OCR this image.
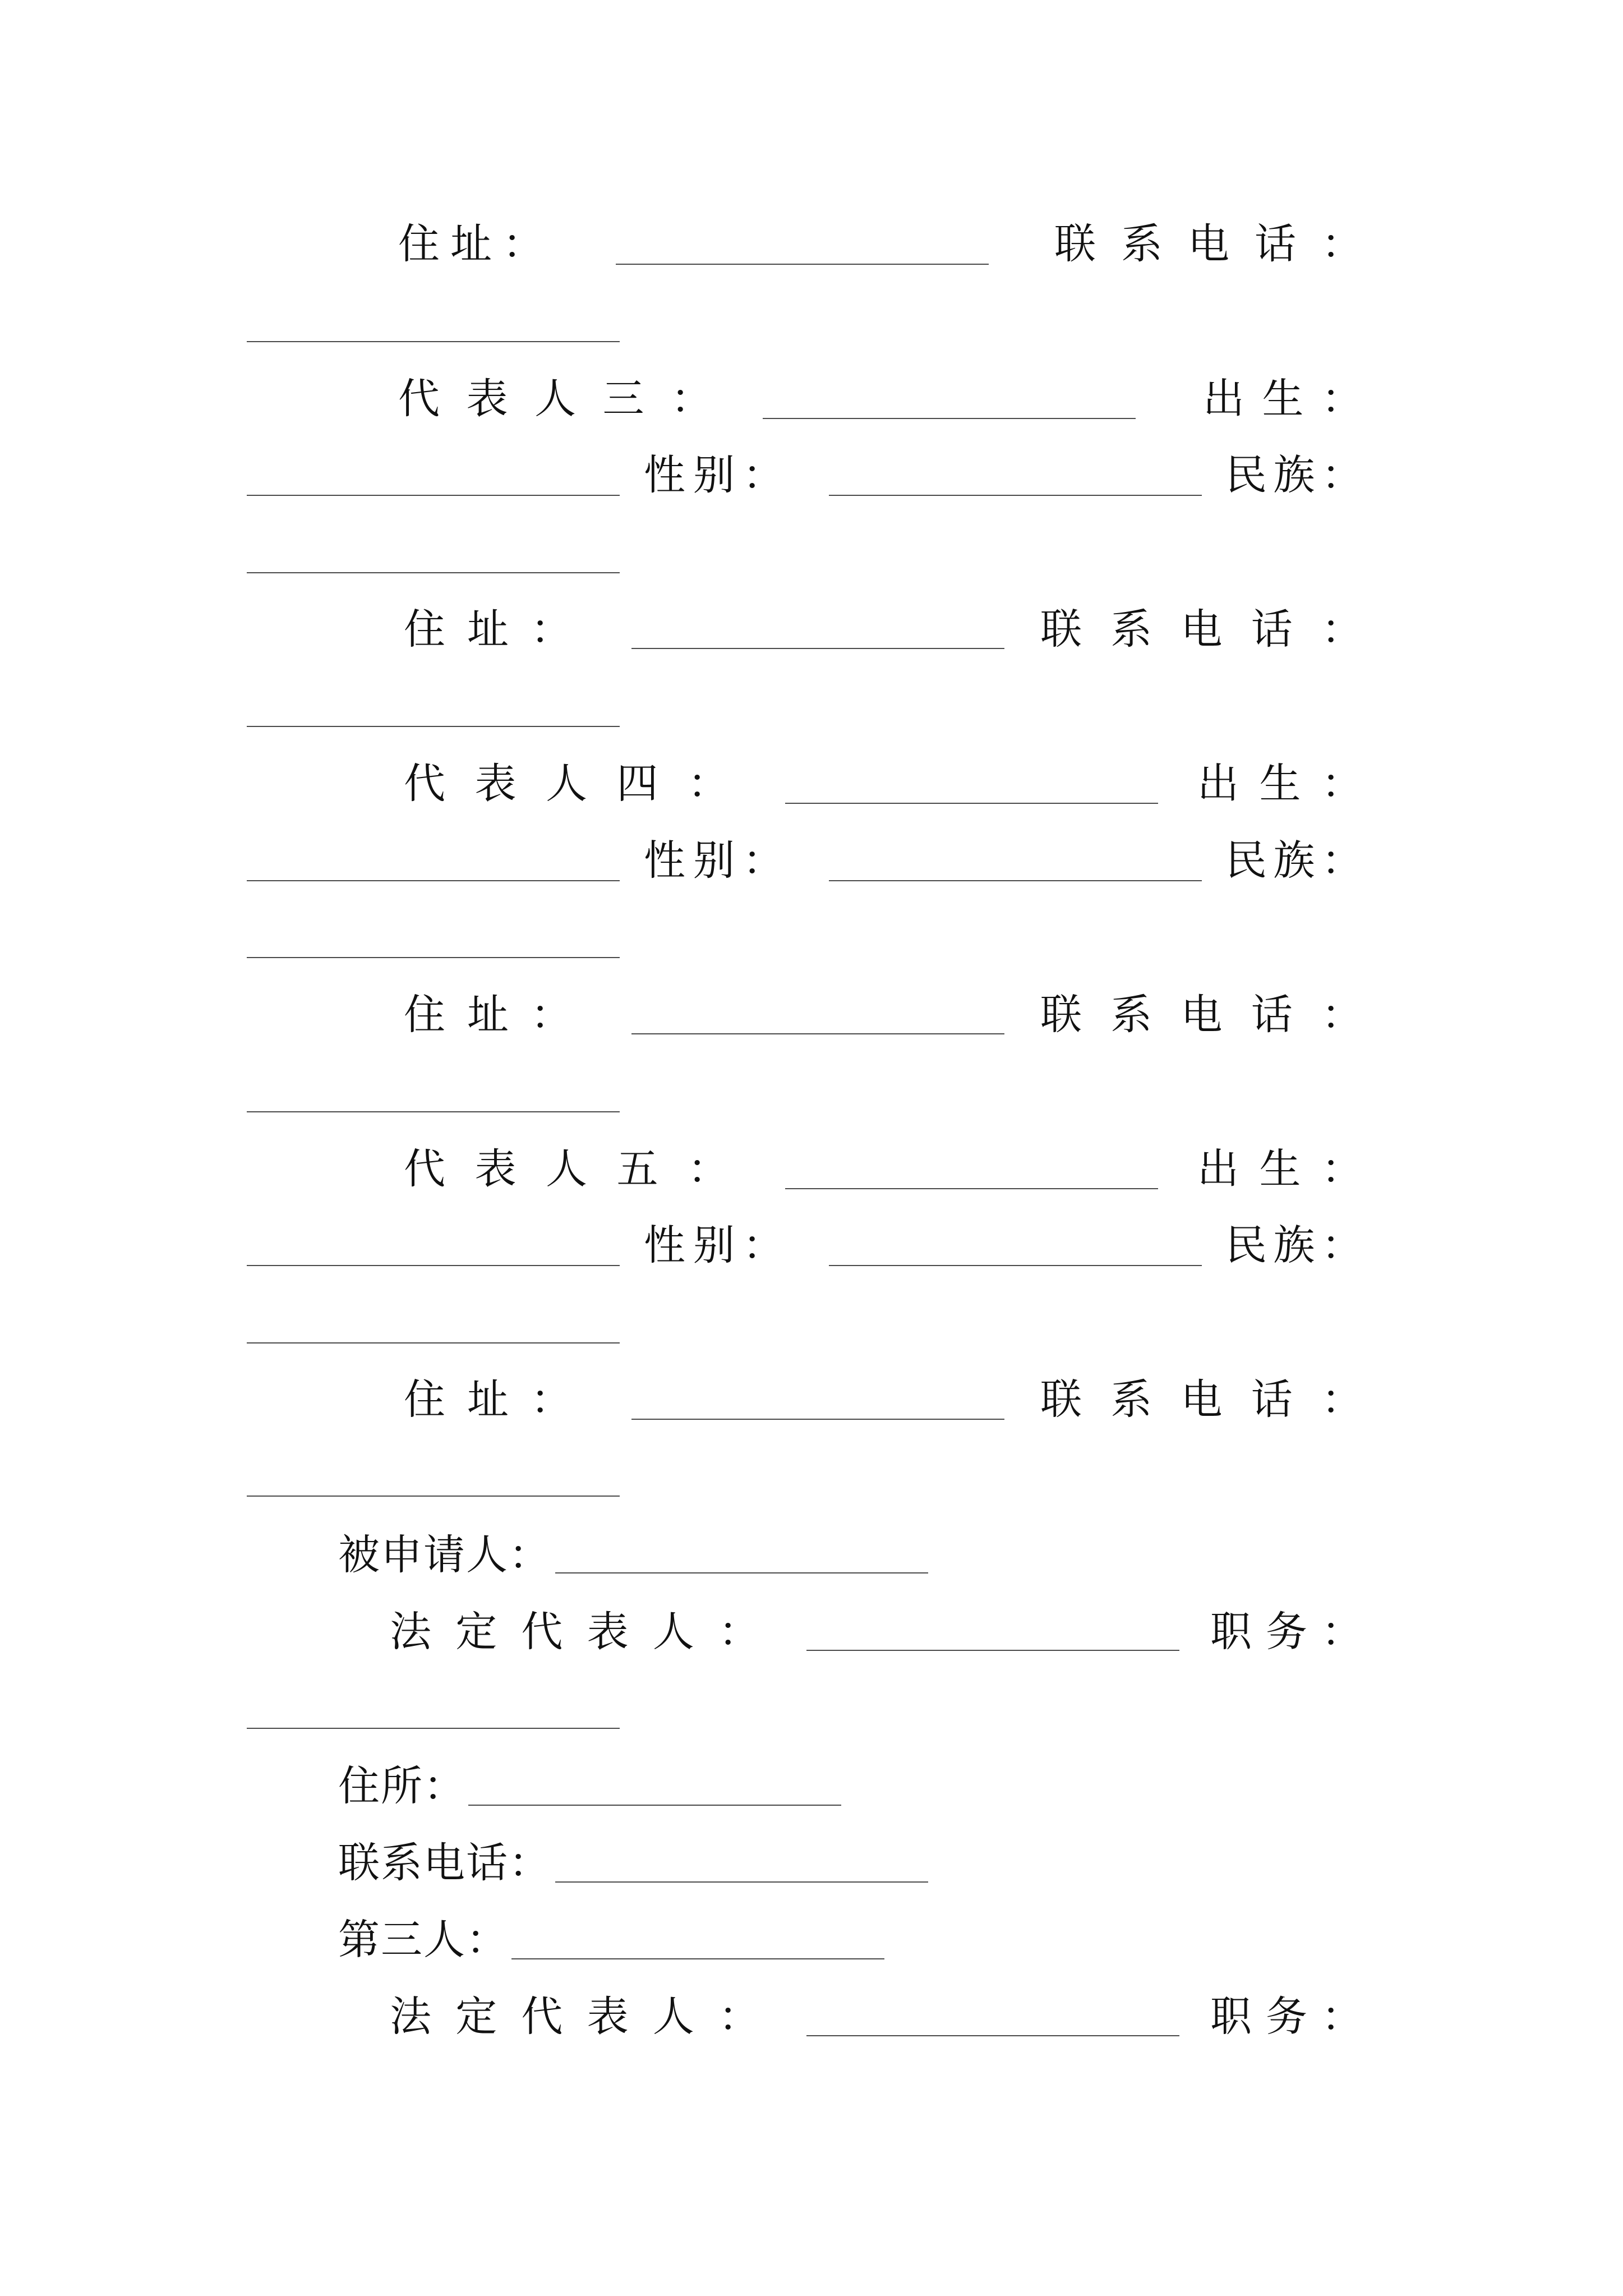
住 址 ：	联 系 电 话 ：
代 表 人 三 ：	出 生 ：
性 别 ：	民 族 ：
住 址 ：	联 系 电 话 ：
代 表 人 四 ：	出 生 ：
性 别 ：	民 族 ：
住 址 ：	联 系 电 话 ：
代 表 人 五 ：	出 生 ：
性 别 ：	民 族 ：
住 址 ：	联 系 电 话 ：
被申请人：
法 定 代 表 人 ：	职 务 ：
住所：
联系电话：
第三人：
法 定 代 表 人 ：	职 务 ：
